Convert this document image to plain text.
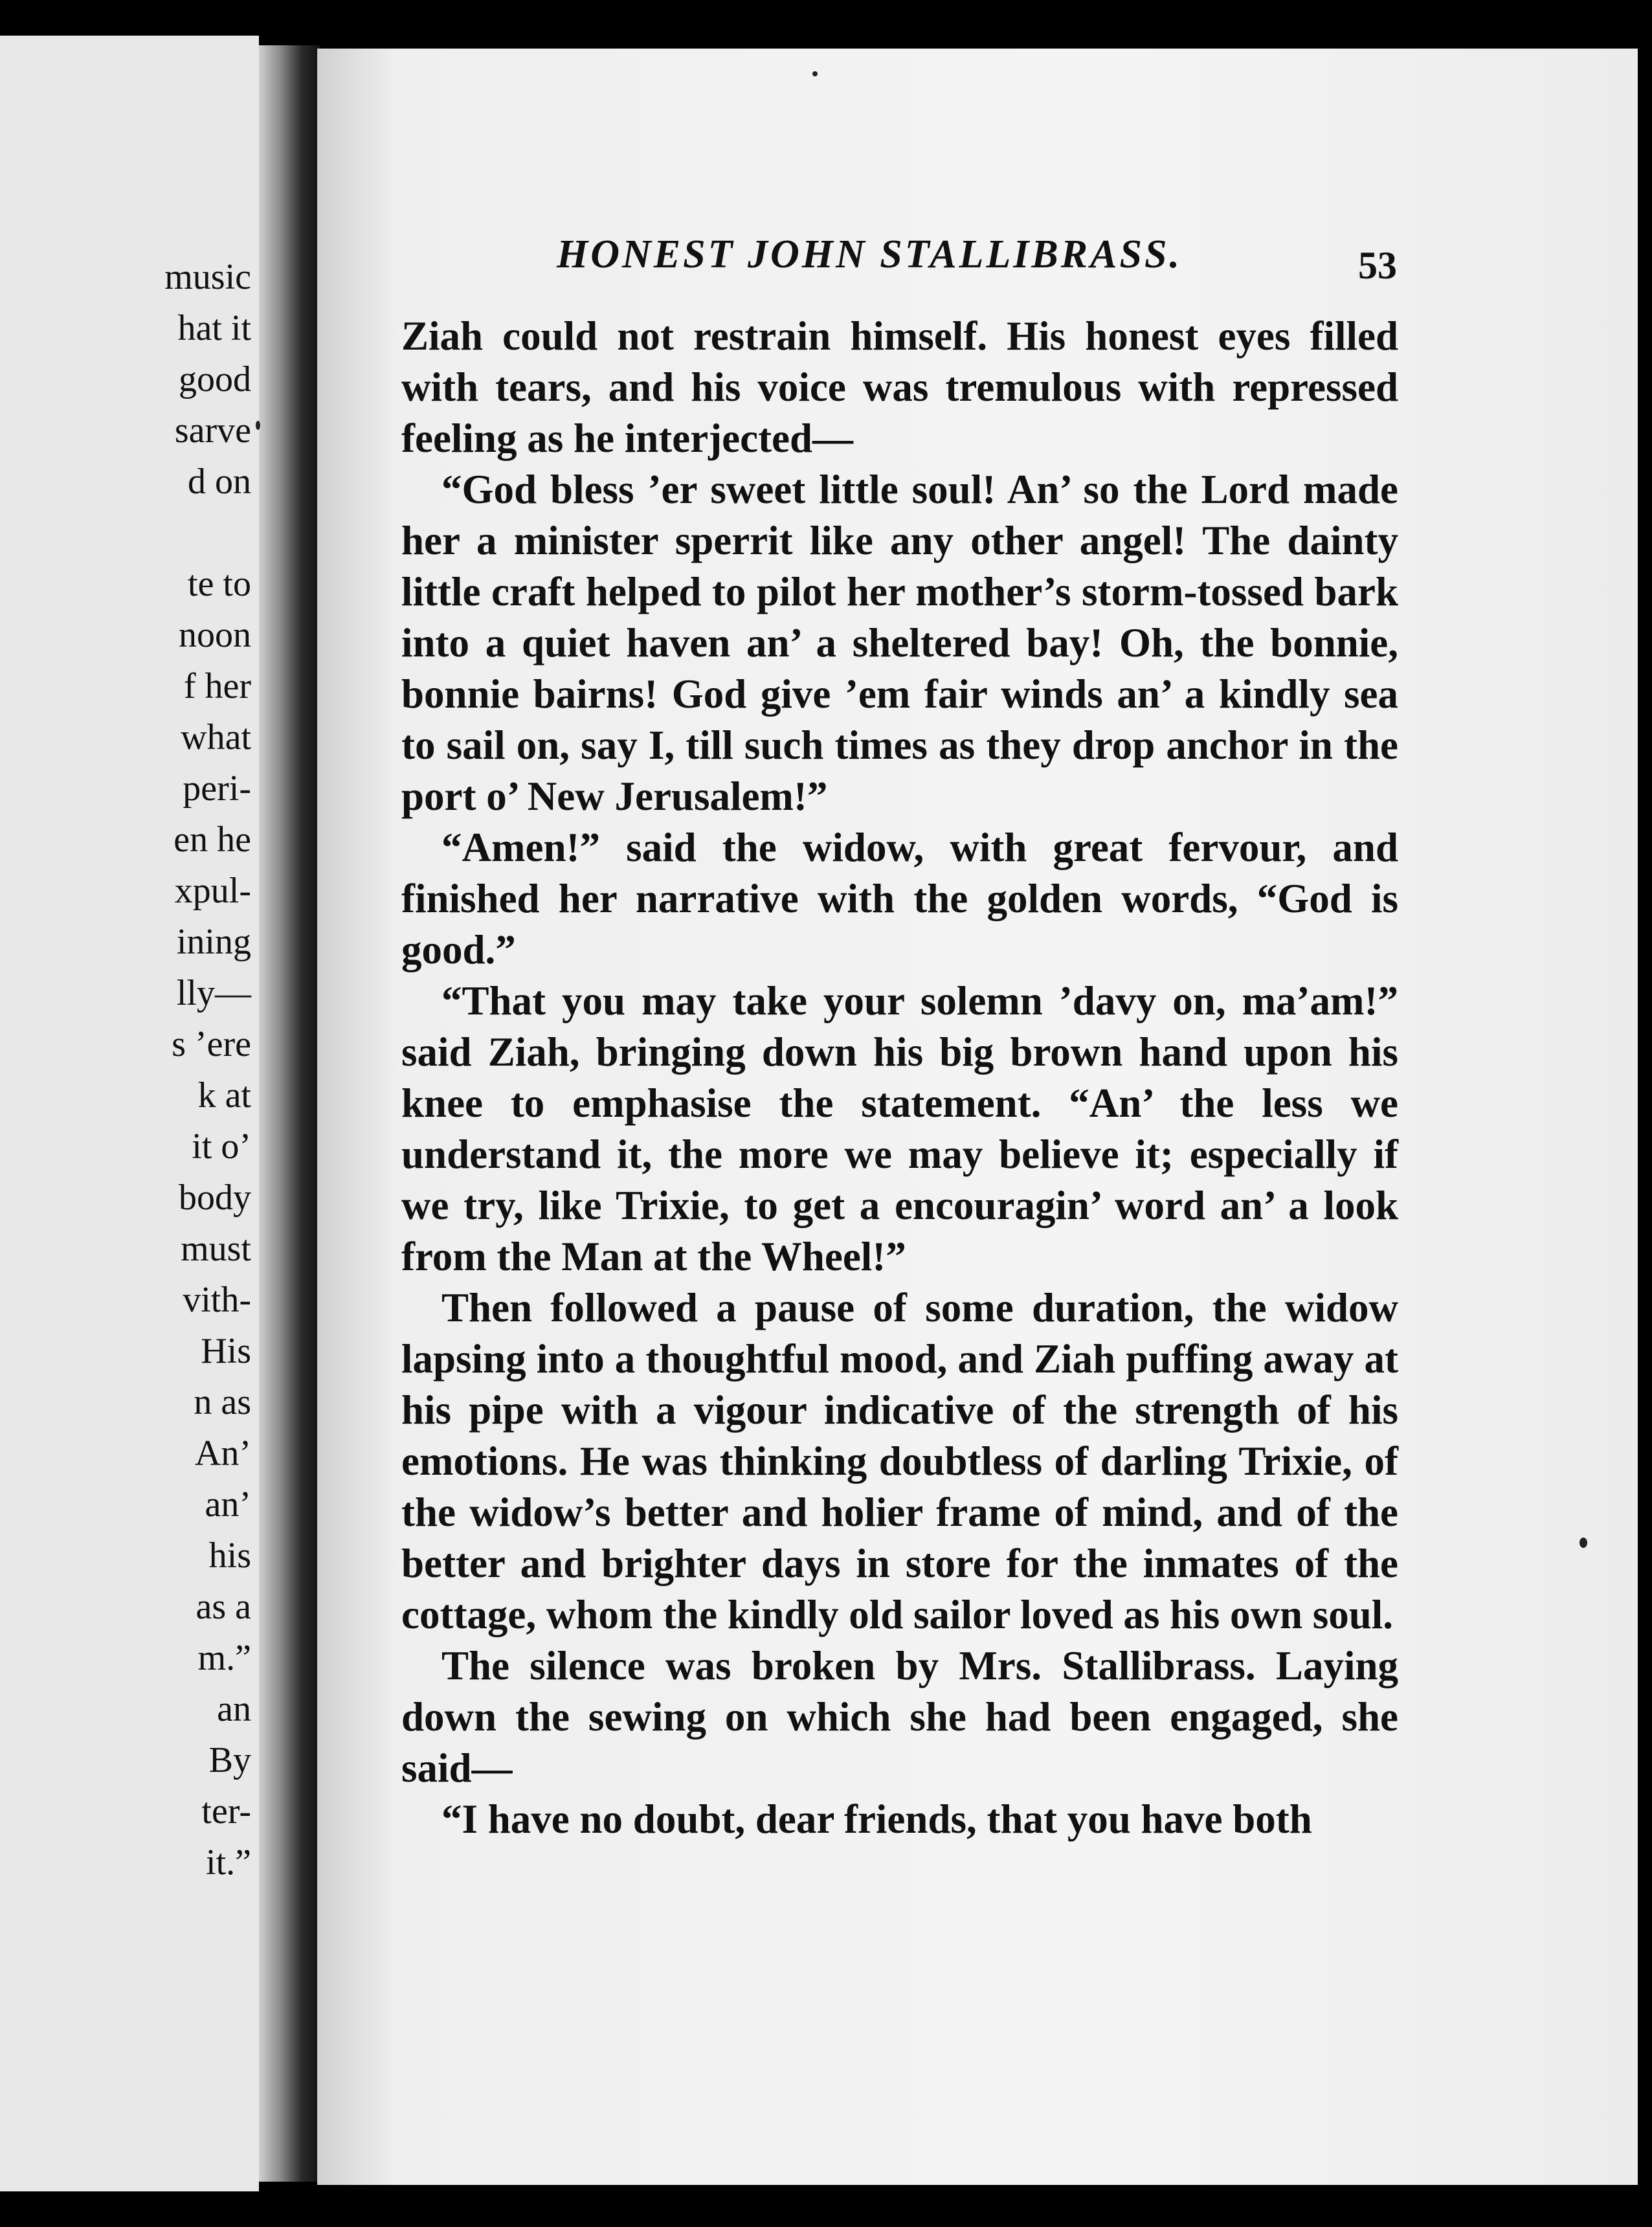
music
hat it
good
sarve
d on
te to
noon
f her
what
peri-
en he
xpul-
ining
lly—
s ’ere
k at
it o’
body
must
vith-
His
n as
An’
an’
his
as a
m.”
an
By
ter-
it.”
HONEST JOHN STALLIBRASS.	53

Ziah could not restrain himself. His honest eyes filled with tears, and his voice was tremulous with repressed feeling as he interjected—

“God bless ’er sweet little soul! An’ so the Lord made her a minister sperrit like any other angel! The dainty little craft helped to pilot her mother’s storm-tossed bark into a quiet haven an’ a sheltered bay! Oh, the bonnie, bonnie bairns! God give ’em fair winds an’ a kindly sea to sail on, say I, till such times as they drop anchor in the port o’ New Jerusalem!”

“Amen!” said the widow, with great fervour, and finished her narrative with the golden words, “God is good.”

“That you may take your solemn ’davy on, ma’am!” said Ziah, bringing down his big brown hand upon his knee to emphasise the statement. “An’ the less we understand it, the more we may believe it; especially if we try, like Trixie, to get a encouragin’ word an’ a look from the Man at the Wheel!”

Then followed a pause of some duration, the widow lapsing into a thoughtful mood, and Ziah puffing away at his pipe with a vigour indicative of the strength of his emotions. He was thinking doubtless of darling Trixie, of the widow’s better and holier frame of mind, and of the better and brighter days in store for the inmates of the cottage, whom the kindly old sailor loved as his own soul.

The silence was broken by Mrs. Stallibrass. Laying down the sewing on which she had been engaged, she said—

“I have no doubt, dear friends, that you have both
